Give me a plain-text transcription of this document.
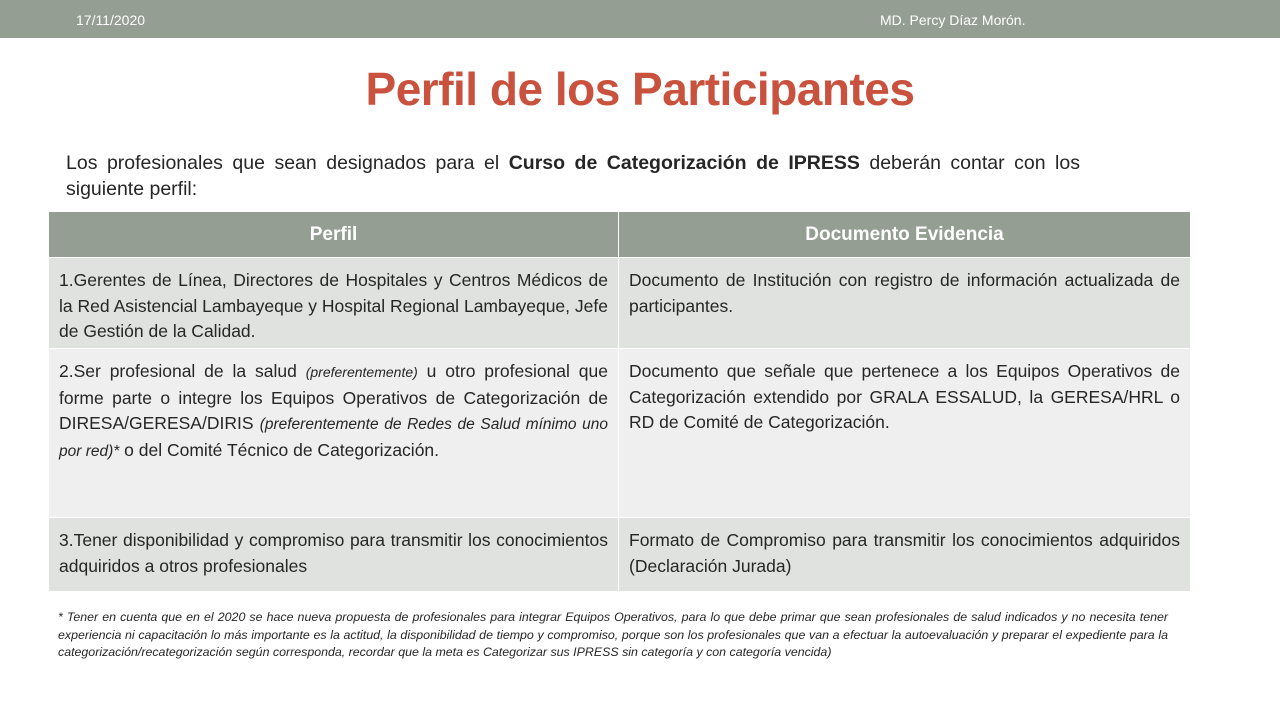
17/11/2020	MD. Percy Díaz Morón.
Perfil de los Participantes
Los profesionales que sean designados para el Curso de Categorización de IPRESS deberán contar con los siguiente perfil:
Perfil	Documento Evidencia
1.Gerentes de Línea, Directores de Hospitales y Centros Médicos de la Red Asistencial Lambayeque y Hospital Regional Lambayeque, Jefe de Gestión de la Calidad.	Documento de Institución con registro de información actualizada de participantes.
2.Ser profesional de la salud (preferentemente) u otro profesional que forme parte o integre los Equipos Operativos de Categorización de DIRESA/GERESA/DIRIS (preferentemente de Redes de Salud mínimo uno por red)* o del Comité Técnico de Categorización.	Documento que señale que pertenece a los Equipos Operativos de Categorización extendido por GRALA ESSALUD, la GERESA/HRL o RD de Comité de Categorización.
3.Tener disponibilidad y compromiso para transmitir los conocimientos adquiridos a otros profesionales	Formato de Compromiso para transmitir los conocimientos adquiridos (Declaración Jurada)
* Tener en cuenta que en el 2020 se hace nueva propuesta de profesionales para integrar Equipos Operativos, para lo que debe primar que sean profesionales de salud indicados y no necesita tener experiencia ni capacitación lo más importante es la actitud, la disponibilidad de tiempo y compromiso, porque son los profesionales que van a efectuar la autoevaluación y preparar el expediente para la categorización/recategorización según corresponda, recordar que la meta es Categorizar sus IPRESS sin categoría y con categoría vencida)
